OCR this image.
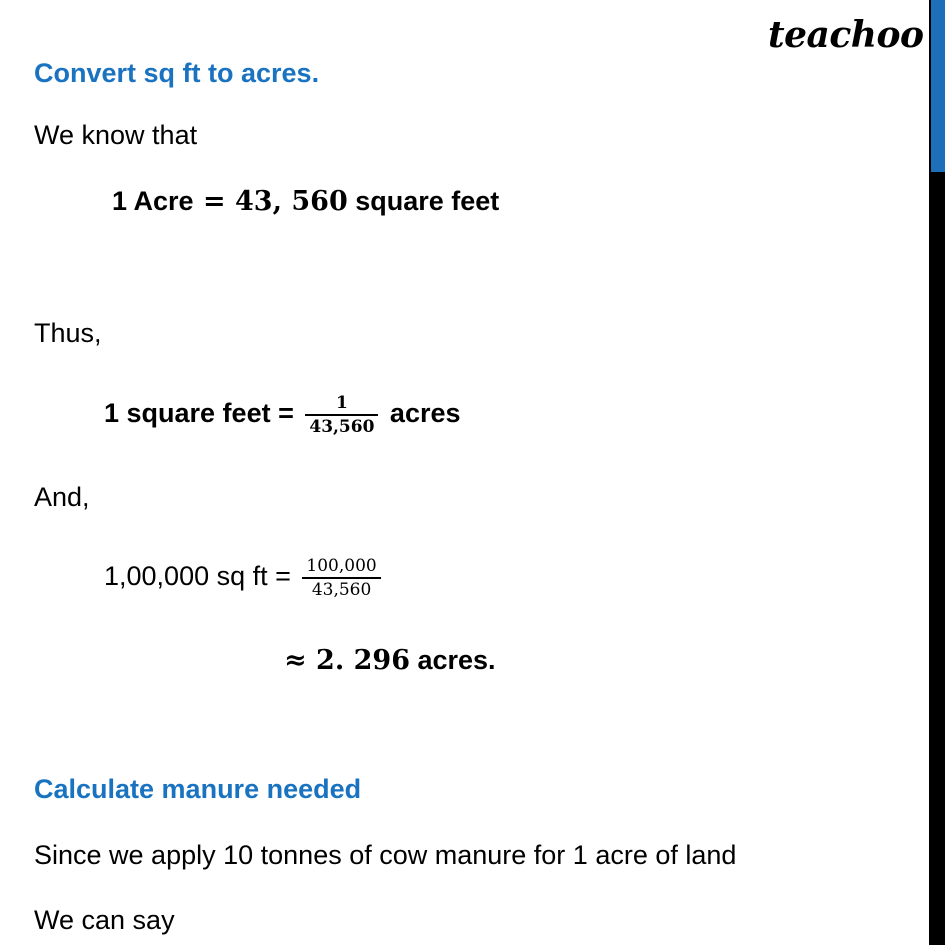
teachoo
Convert sq ft to acres.
We know that
1 Acre = 43, 560 square feet
Thus,
1 square feet = $\frac{1}{43,560}$ acres
And,
1,00,000 sq ft = $\frac{100,000}{43,560}$
≈ 2. 296 acres.
Calculate manure needed
Since we apply 10 tonnes of cow manure for 1 acre of land
We can say
